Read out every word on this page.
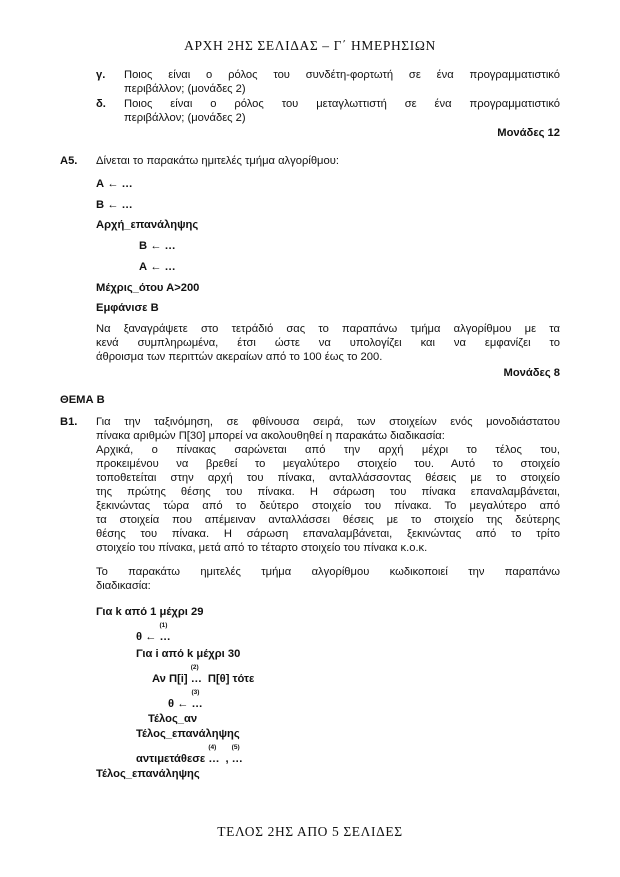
ΑΡΧΗ 2ΗΣ ΣΕΛΙΔΑΣ – Γ΄ ΗΜΕΡΗΣΙΩΝ
γ. Ποιος είναι ο ρόλος του συνδέτη-φορτωτή σε ένα προγραμματιστικό
περιβάλλον; (μονάδες 2)
δ. Ποιος είναι ο ρόλος του μεταγλωττιστή σε ένα προγραμματιστικό
περιβάλλον; (μονάδες 2)
Μονάδες 12
Α5. Δίνεται το παρακάτω ημιτελές τμήμα αλγορίθμου:
Α ← …
Β ← …
Αρχή_επανάληψης
Β ← …
Α ← …
Μέχρις_ότου Α>200
Εμφάνισε Β
Να ξαναγράψετε στο τετράδιό σας το παραπάνω τμήμα αλγορίθμου με τα
κενά συμπληρωμένα, έτσι ώστε να υπολογίζει και να εμφανίζει το
άθροισμα των περιττών ακεραίων από το 100 έως το 200.
Μονάδες 8
ΘΕΜΑ Β
Β1. Για την ταξινόμηση, σε φθίνουσα σειρά, των στοιχείων ενός μονοδιάστατου
πίνακα αριθμών Π[30] μπορεί να ακολουθηθεί η παρακάτω διαδικασία:
Αρχικά, ο πίνακας σαρώνεται από την αρχή μέχρι το τέλος του,
προκειμένου να βρεθεί το μεγαλύτερο στοιχείο του. Αυτό το στοιχείο
τοποθετείται στην αρχή του πίνακα, ανταλλάσσοντας θέσεις με το στοιχείο
της πρώτης θέσης του πίνακα. Η σάρωση του πίνακα επαναλαμβάνεται,
ξεκινώντας τώρα από το δεύτερο στοιχείο του πίνακα. Το μεγαλύτερο από
τα στοιχεία που απέμειναν ανταλλάσσει θέσεις με το στοιχείο της δεύτερης
θέσης του πίνακα. Η σάρωση επαναλαμβάνεται, ξεκινώντας από το τρίτο
στοιχείο του πίνακα, μετά από το τέταρτο στοιχείο του πίνακα κ.ο.κ.
Το παρακάτω ημιτελές τμήμα αλγορίθμου κωδικοποιεί την παραπάνω
διαδικασία:
Για k από 1 μέχρι 29
θ ←
(1)
…
Για i από k μέχρι 30
Αν Π[i]
(2)
… Π[θ] τότε
θ ←
(3)
…
Τέλος_αν
Τέλος_επανάληψης
αντιμετάθεσε
(4)
… ,
(5)
…
Τέλος_επανάληψης
ΤΕΛΟΣ 2ΗΣ ΑΠΟ 5 ΣΕΛΙΔΕΣ
